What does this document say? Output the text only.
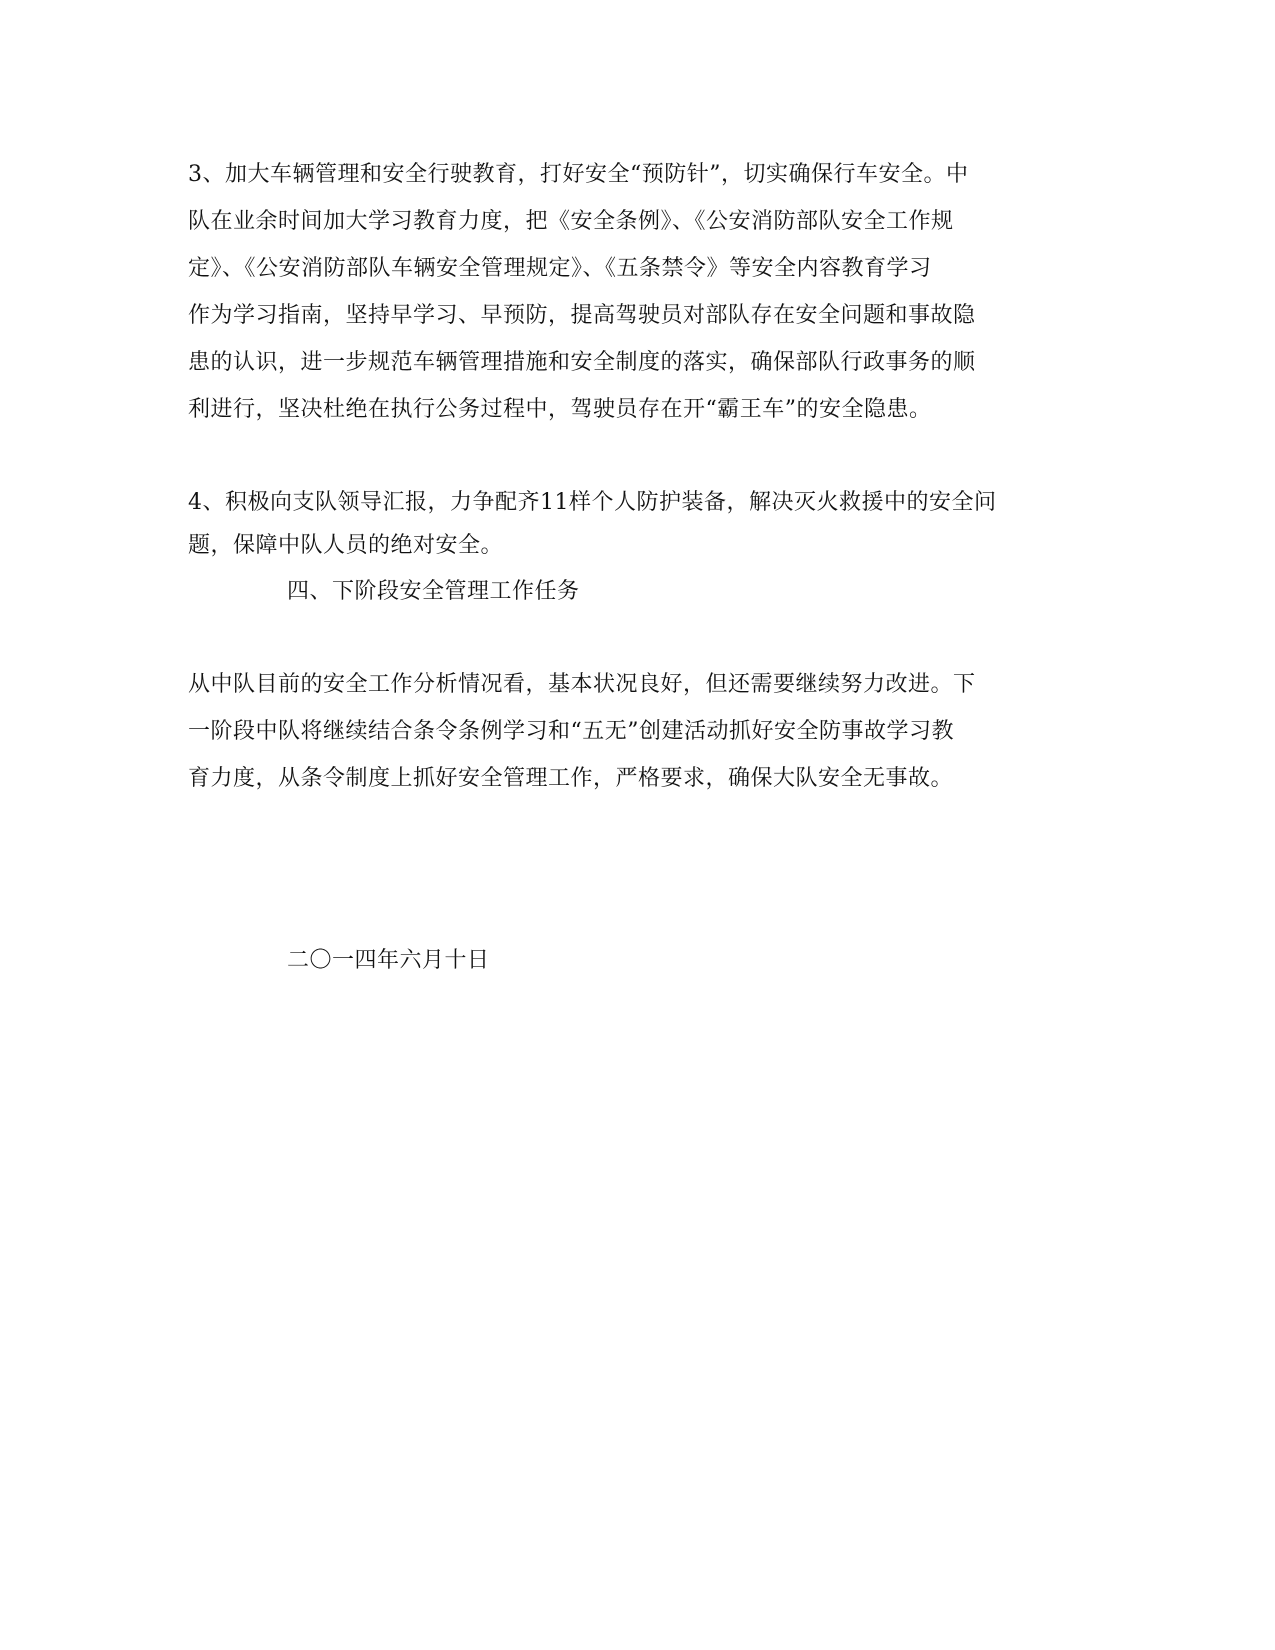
3、加大车辆管理和安全行驶教育，打好安全“预防针”，切实确保行车安全。中
队在业余时间加大学习教育力度，把《安全条例》、《公安消防部队安全工作规
定》、《公安消防部队车辆安全管理规定》、《五条禁令》等安全内容教育学习
作为学习指南，坚持早学习、早预防，提高驾驶员对部队存在安全问题和事故隐
患的认识，进一步规范车辆管理措施和安全制度的落实，确保部队行政事务的顺
利进行，坚决杜绝在执行公务过程中，驾驶员存在开“霸王车”的安全隐患。
4、积极向支队领导汇报，力争配齐11样个人防护装备，解决灭火救援中的安全问
题，保障中队人员的绝对安全。
四、下阶段安全管理工作任务
从中队目前的安全工作分析情况看，基本状况良好，但还需要继续努力改进。下
一阶段中队将继续结合条令条例学习和“五无”创建活动抓好安全防事故学习教
育力度，从条令制度上抓好安全管理工作，严格要求，确保大队安全无事故。
二〇一四年六月十日
